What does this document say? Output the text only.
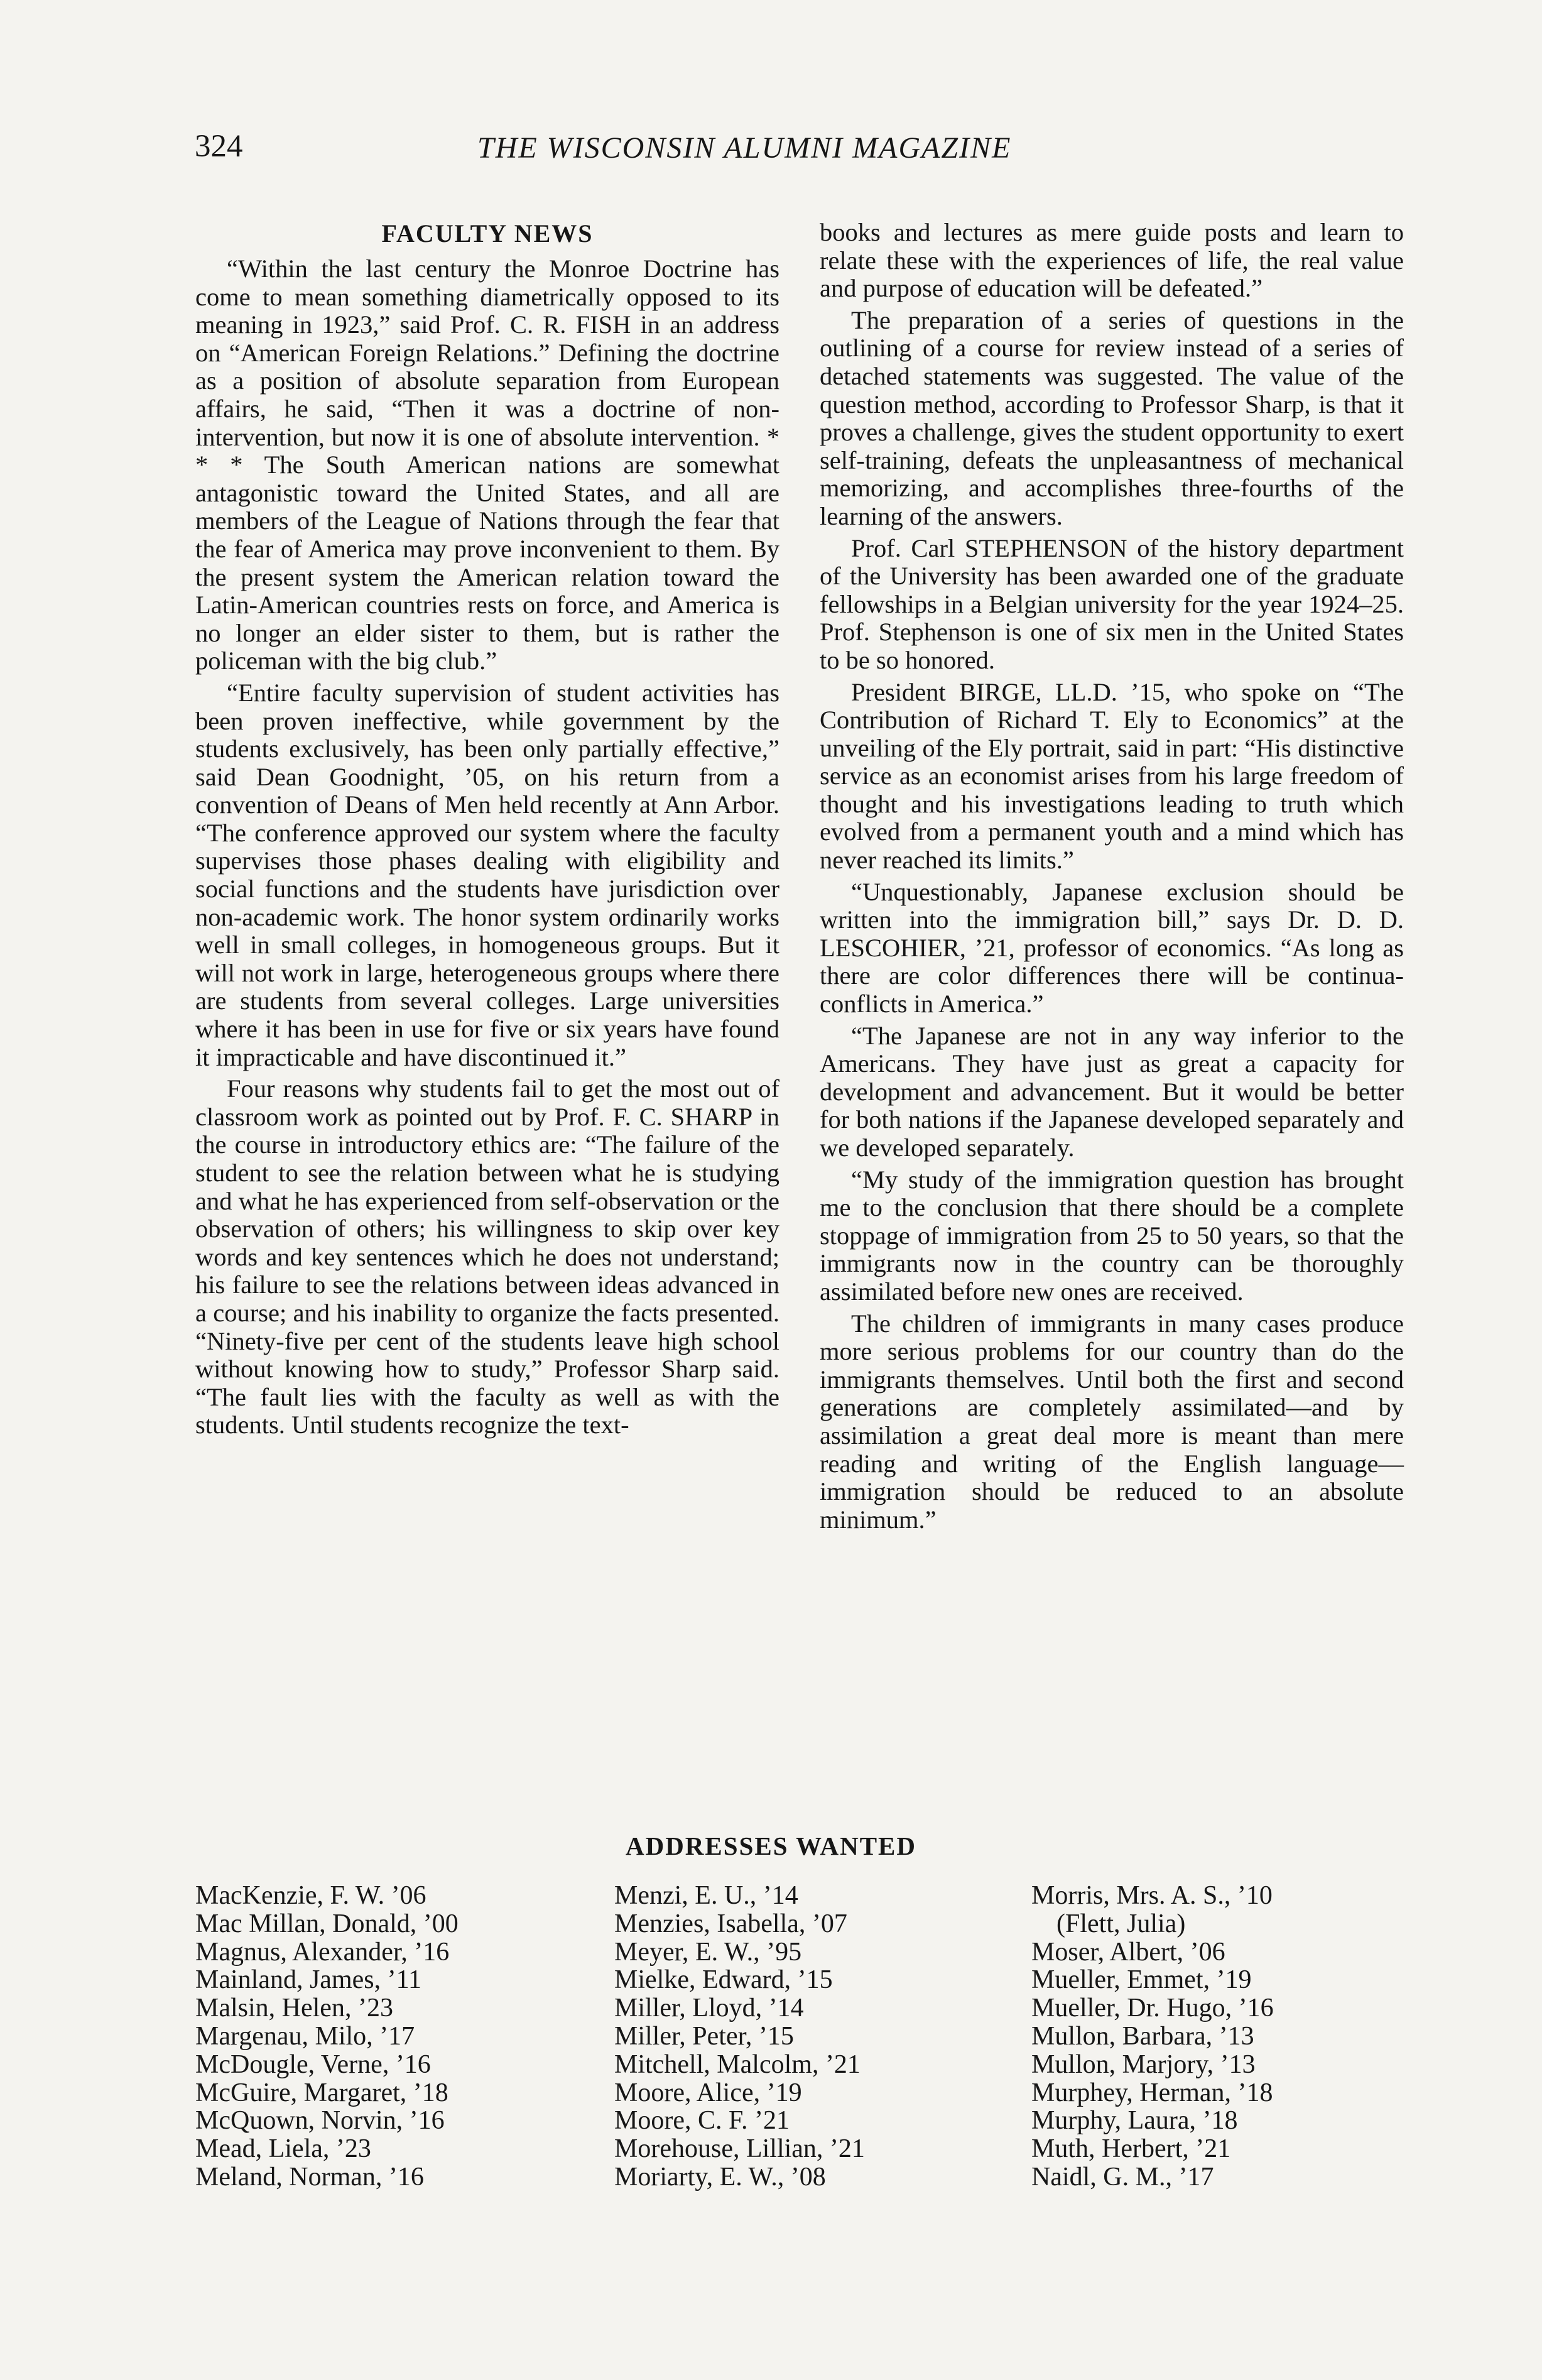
324	THE WISCONSIN ALUMNI MAGAZINE
FACULTY NEWS

“Within the last century the Monroe Doctrine has come to mean something diametrically opposed to its meaning in 1923,” said Prof. C. R. FISH in an address on “American Foreign Relations.” Defining the doctrine as a position of absolute separation from European affairs, he said, “Then it was a doctrine of non-intervention, but now it is one of absolute intervention. * * * The South American nations are somewhat antagonistic toward the United States, and all are members of the League of Nations through the fear that the fear of America may prove inconvenient to them. By the present system the American relation toward the Latin-American countries rests on force, and America is no longer an elder sister to them, but is rather the policeman with the big club.”

“Entire faculty supervision of student activities has been proven ineffective, while government by the students exclusively, has been only partially effective,” said Dean Goodnight, ’05, on his return from a convention of Deans of Men held recently at Ann Arbor. “The conference approved our system where the faculty supervises those phases dealing with eligibility and social functions and the students have jurisdiction over non-academic work. The honor system ordinarily works well in small colleges, in homogeneous groups. But it will not work in large, heterogeneous groups where there are students from several colleges. Large universities where it has been in use for five or six years have found it impracticable and have discontinued it.”

Four reasons why students fail to get the most out of classroom work as pointed out by Prof. F. C. SHARP in the course in introductory ethics are: “The failure of the student to see the relation between what he is studying and what he has experienced from self-observation or the observation of others; his willingness to skip over key words and key sentences which he does not understand; his failure to see the relations between ideas advanced in a course; and his inability to organize the facts presented. “Ninety-five per cent of the students leave high school without knowing how to study,” Professor Sharp said. “The fault lies with the faculty as well as with the students. Until students recognize the text-

books and lectures as mere guide posts and learn to relate these with the experiences of life, the real value and purpose of education will be defeated.”

The preparation of a series of questions in the outlining of a course for review instead of a series of detached statements was suggested. The value of the question method, according to Professor Sharp, is that it proves a challenge, gives the student opportunity to exert self-training, defeats the unpleasantness of mechanical memorizing, and accomplishes three-fourths of the learning of the answers.

Prof. Carl STEPHENSON of the history department of the University has been awarded one of the graduate fellowships in a Belgian university for the year 1924–25. Prof. Stephenson is one of six men in the United States to be so honored.

President BIRGE, LL.D. ’15, who spoke on “The Contribution of Richard T. Ely to Economics” at the unveiling of the Ely portrait, said in part: “His distinctive service as an economist arises from his large freedom of thought and his investigations leading to truth which evolved from a permanent youth and a mind which has never reached its limits.”

“Unquestionably, Japanese exclusion should be written into the immigration bill,” says Dr. D. D. LESCOHIER, ’21, professor of economics. “As long as there are color differences there will be continua-conflicts in America.”

“The Japanese are not in any way inferior to the Americans. They have just as great a capacity for development and advancement. But it would be better for both nations if the Japanese developed separately and we developed separately.

“My study of the immigration question has brought me to the conclusion that there should be a complete stoppage of immigration from 25 to 50 years, so that the immigrants now in the country can be thoroughly assimilated before new ones are received.

The children of immigrants in many cases produce more serious problems for our country than do the immigrants themselves. Until both the first and second generations are completely assimilated—and by assimilation a great deal more is meant than mere reading and writing of the English language—immigration should be reduced to an absolute minimum.”

ADDRESSES WANTED
MacKenzie, F. W. ’06
Mac Millan, Donald, ’00
Magnus, Alexander, ’16
Mainland, James, ’11
Malsin, Helen, ’23
Margenau, Milo, ’17
McDougle, Verne, ’16
McGuire, Margaret, ’18
McQuown, Norvin, ’16
Mead, Liela, ’23
Meland, Norman, ’16
Menzi, E. U., ’14
Menzies, Isabella, ’07
Meyer, E. W., ’95
Mielke, Edward, ’15
Miller, Lloyd, ’14
Miller, Peter, ’15
Mitchell, Malcolm, ’21
Moore, Alice, ’19
Moore, C. F. ’21
Morehouse, Lillian, ’21
Moriarty, E. W., ’08
Morris, Mrs. A. S., ’10
(Flett, Julia)
Moser, Albert, ’06
Mueller, Emmet, ’19
Mueller, Dr. Hugo, ’16
Mullon, Barbara, ’13
Mullon, Marjory, ’13
Murphey, Herman, ’18
Murphy, Laura, ’18
Muth, Herbert, ’21
Naidl, G. M., ’17
